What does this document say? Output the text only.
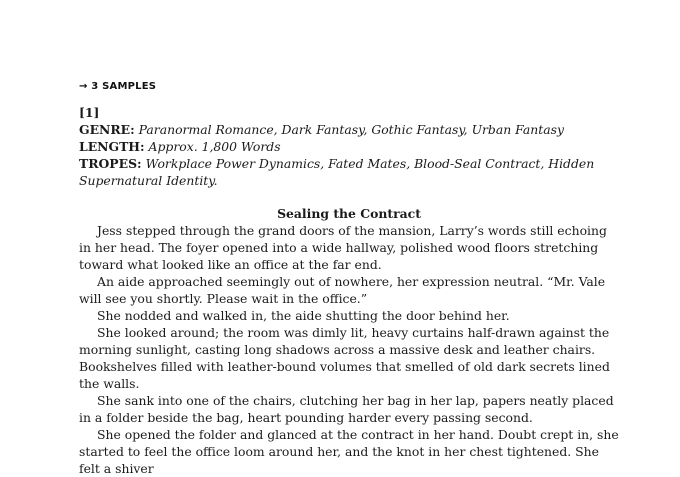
→ 3 SAMPLES

[1]

GENRE: Paranormal Romance, Dark Fantasy, Gothic Fantasy, Urban Fantasy

LENGTH: Approx. 1,800 Words

TROPES: Workplace Power Dynamics, Fated Mates, Blood-Seal Contract, Hidden Supernatural Identity.

Sealing the Contract

Jess stepped through the grand doors of the mansion, Larry’s words still echoing in her head. The foyer opened into a wide hallway, polished wood floors stretching toward what looked like an office at the far end.

An aide approached seemingly out of nowhere, her expression neutral. “Mr. Vale will see you shortly. Please wait in the office.”

She nodded and walked in, the aide shutting the door behind her.

She looked around; the room was dimly lit, heavy curtains half-drawn against the morning sunlight, casting long shadows across a massive desk and leather chairs. Bookshelves filled with leather-bound volumes that smelled of old dark secrets lined the walls.

She sank into one of the chairs, clutching her bag in her lap, papers neatly placed in a folder beside the bag, heart pounding harder every passing second.

She opened the folder and glanced at the contract in her hand. Doubt crept in, she started to feel the office loom around her, and the knot in her chest tightened. She felt a shiver
